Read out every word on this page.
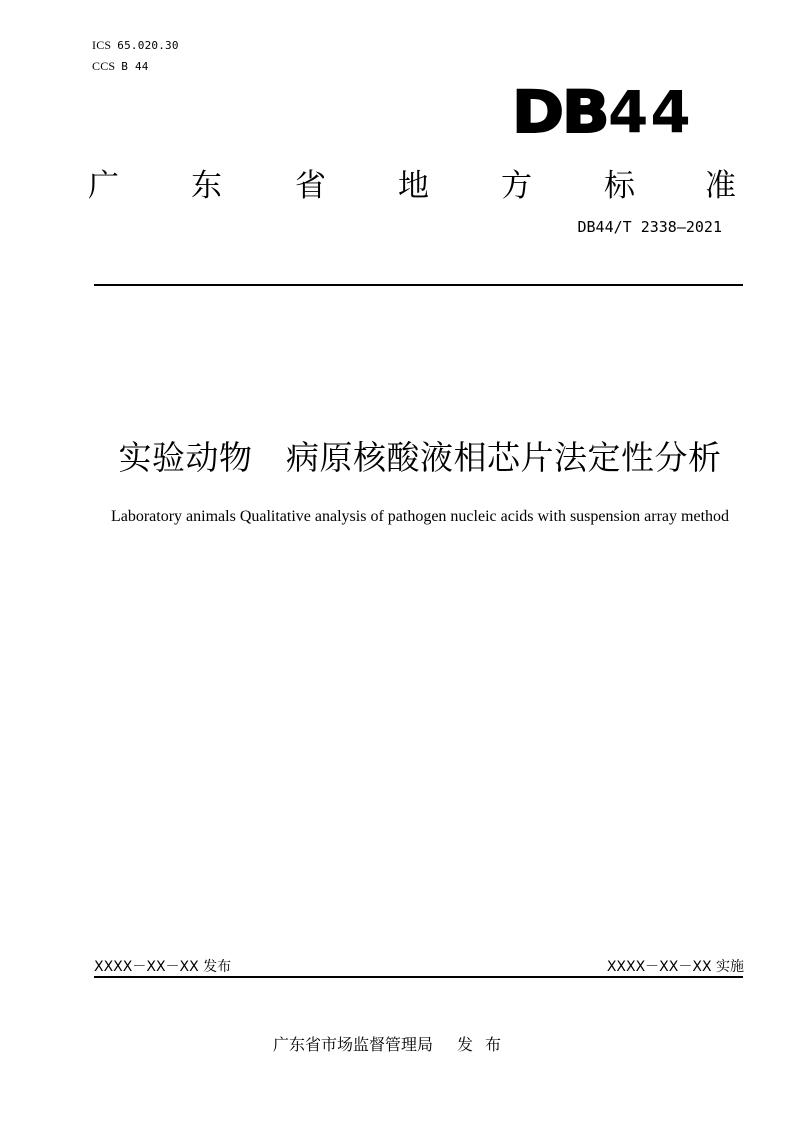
ICS 65.020.30
CCS B 44
DB 44
广 东 省 地 方 标 准
DB44/T 2338—2021
实验动物　病原核酸液相芯片法定性分析
Laboratory animals Qualitative analysis of pathogen nucleic acids with suspension array method
XXXX－XX－XX 发布	XXXX－XX－XX 实施
广东省市场监督管理局 发布
